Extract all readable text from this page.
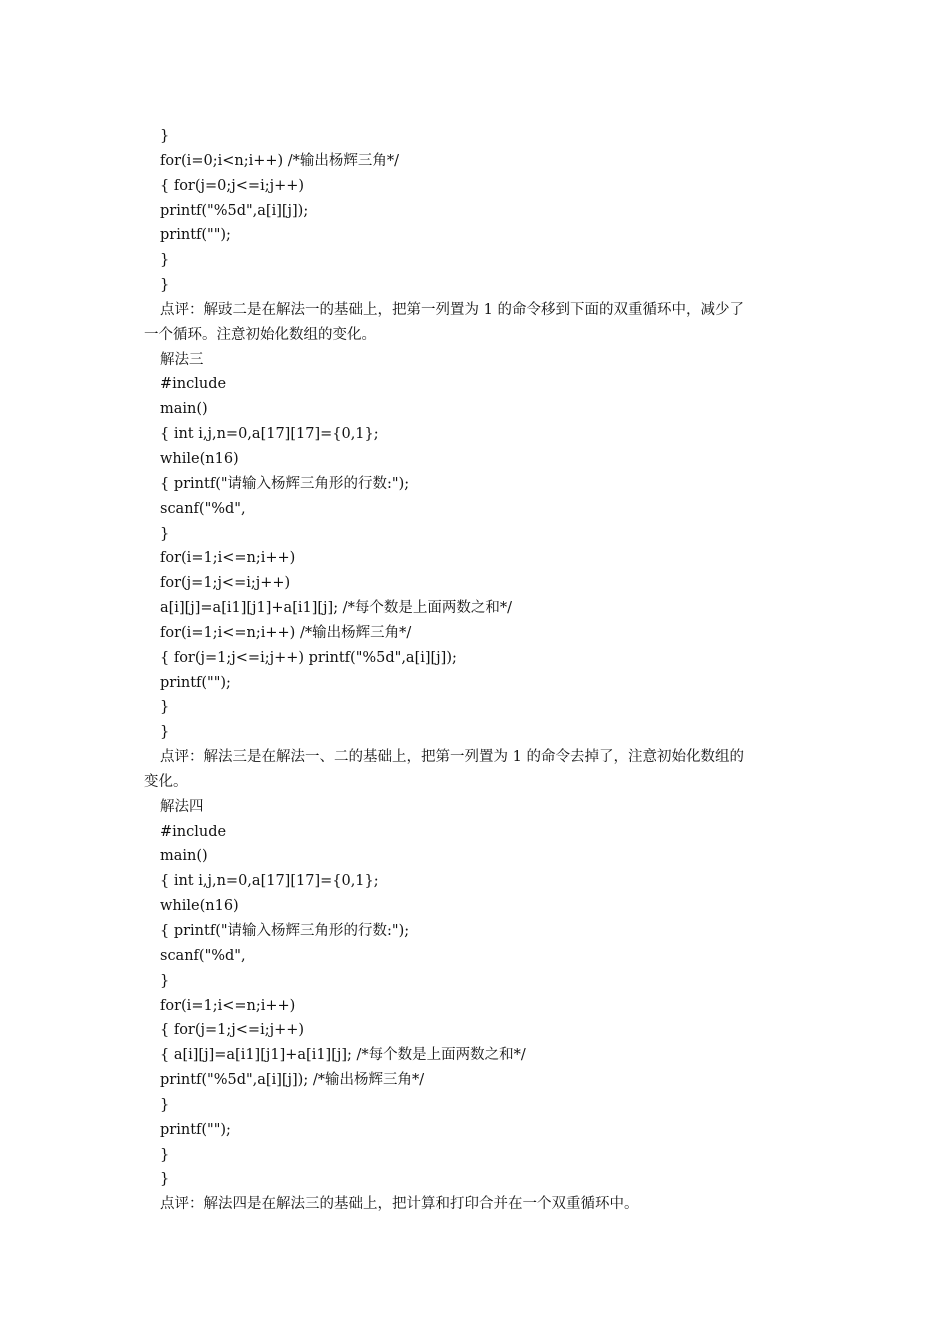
}
for(i=0;i<n;i++) /*输出杨辉三角*/
{ for(j=0;j<=i;j++)
printf("%5d",a[i][j]);
printf("");
}
}
点评：解豉二是在解法一的基础上，把第一列置为 1 的命令移到下面的双重循环中，减少了
一个循环。注意初始化数组的变化。
解法三
#include
main()
{ int i,j,n=0,a[17][17]={0,1};
while(n16)
{ printf("请输入杨辉三角形的行数:");
scanf("%d",
}
for(i=1;i<=n;i++)
for(j=1;j<=i;j++)
a[i][j]=a[i1][j1]+a[i1][j]; /*每个数是上面两数之和*/
for(i=1;i<=n;i++) /*输出杨辉三角*/
{ for(j=1;j<=i;j++) printf("%5d",a[i][j]);
printf("");
}
}
点评：解法三是在解法一、二的基础上，把第一列置为 1 的命令去掉了，注意初始化数组的
变化。
解法四
#include
main()
{ int i,j,n=0,a[17][17]={0,1};
while(n16)
{ printf("请输入杨辉三角形的行数:");
scanf("%d",
}
for(i=1;i<=n;i++)
{ for(j=1;j<=i;j++)
{ a[i][j]=a[i1][j1]+a[i1][j]; /*每个数是上面两数之和*/
printf("%5d",a[i][j]); /*输出杨辉三角*/
}
printf("");
}
}
点评：解法四是在解法三的基础上，把计算和打印合并在一个双重循环中。
